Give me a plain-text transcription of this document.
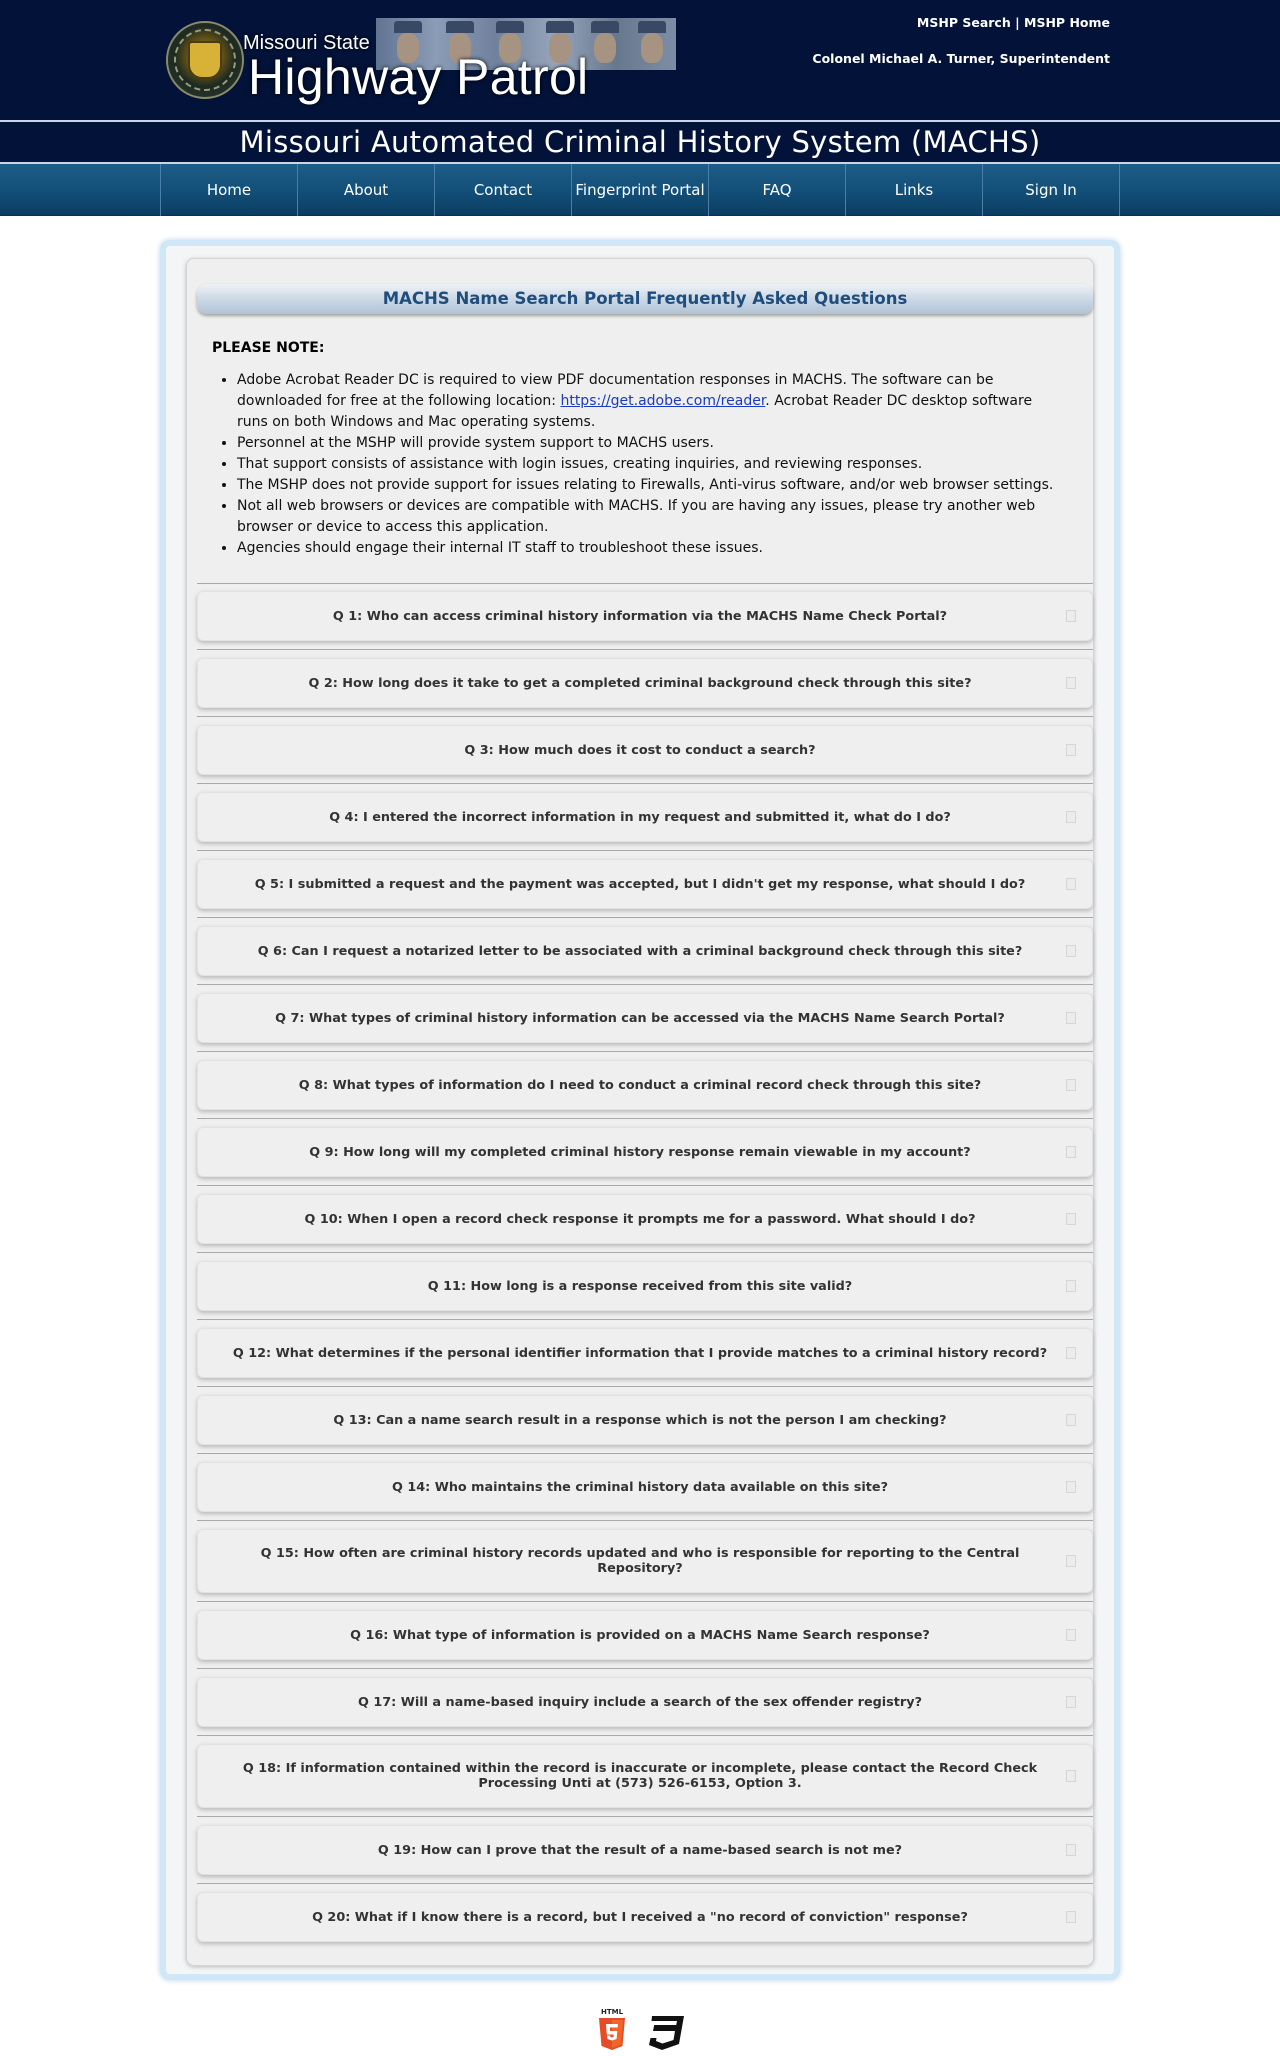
Missouri State
Highway Patrol
MSHP Search | MSHP Home
Colonel Michael A. Turner, Superintendent
Missouri Automated Criminal History System (MACHS)
Home	About	Contact	Fingerprint Portal	FAQ	Links	Sign In
MACHS Name Search Portal Frequently Asked Questions
PLEASE NOTE:
• Adobe Acrobat Reader DC is required to view PDF documentation responses in MACHS. The software can be downloaded for free at the following location: https://get.adobe.com/reader. Acrobat Reader DC desktop software runs on both Windows and Mac operating systems.
• Personnel at the MSHP will provide system support to MACHS users.
• That support consists of assistance with login issues, creating inquiries, and reviewing responses.
• The MSHP does not provide support for issues relating to Firewalls, Anti-virus software, and/or web browser settings.
• Not all web browsers or devices are compatible with MACHS. If you are having any issues, please try another web browser or device to access this application.
• Agencies should engage their internal IT staff to troubleshoot these issues.
Q 1: Who can access criminal history information via the MACHS Name Check Portal?
Q 2: How long does it take to get a completed criminal background check through this site?
Q 3: How much does it cost to conduct a search?
Q 4: I entered the incorrect information in my request and submitted it, what do I do?
Q 5: I submitted a request and the payment was accepted, but I didn't get my response, what should I do?
Q 6: Can I request a notarized letter to be associated with a criminal background check through this site?
Q 7: What types of criminal history information can be accessed via the MACHS Name Search Portal?
Q 8: What types of information do I need to conduct a criminal record check through this site?
Q 9: How long will my completed criminal history response remain viewable in my account?
Q 10: When I open a record check response it prompts me for a password. What should I do?
Q 11: How long is a response received from this site valid?
Q 12: What determines if the personal identifier information that I provide matches to a criminal history record?
Q 13: Can a name search result in a response which is not the person I am checking?
Q 14: Who maintains the criminal history data available on this site?
Q 15: How often are criminal history records updated and who is responsible for reporting to the Central Repository?
Q 16: What type of information is provided on a MACHS Name Search response?
Q 17: Will a name-based inquiry include a search of the sex offender registry?
Q 18: If information contained within the record is inaccurate or incomplete, please contact the Record Check Processing Unti at (573) 526-6153, Option 3.
Q 19: How can I prove that the result of a name-based search is not me?
Q 20: What if I know there is a record, but I received a "no record of conviction" response?
HTML
